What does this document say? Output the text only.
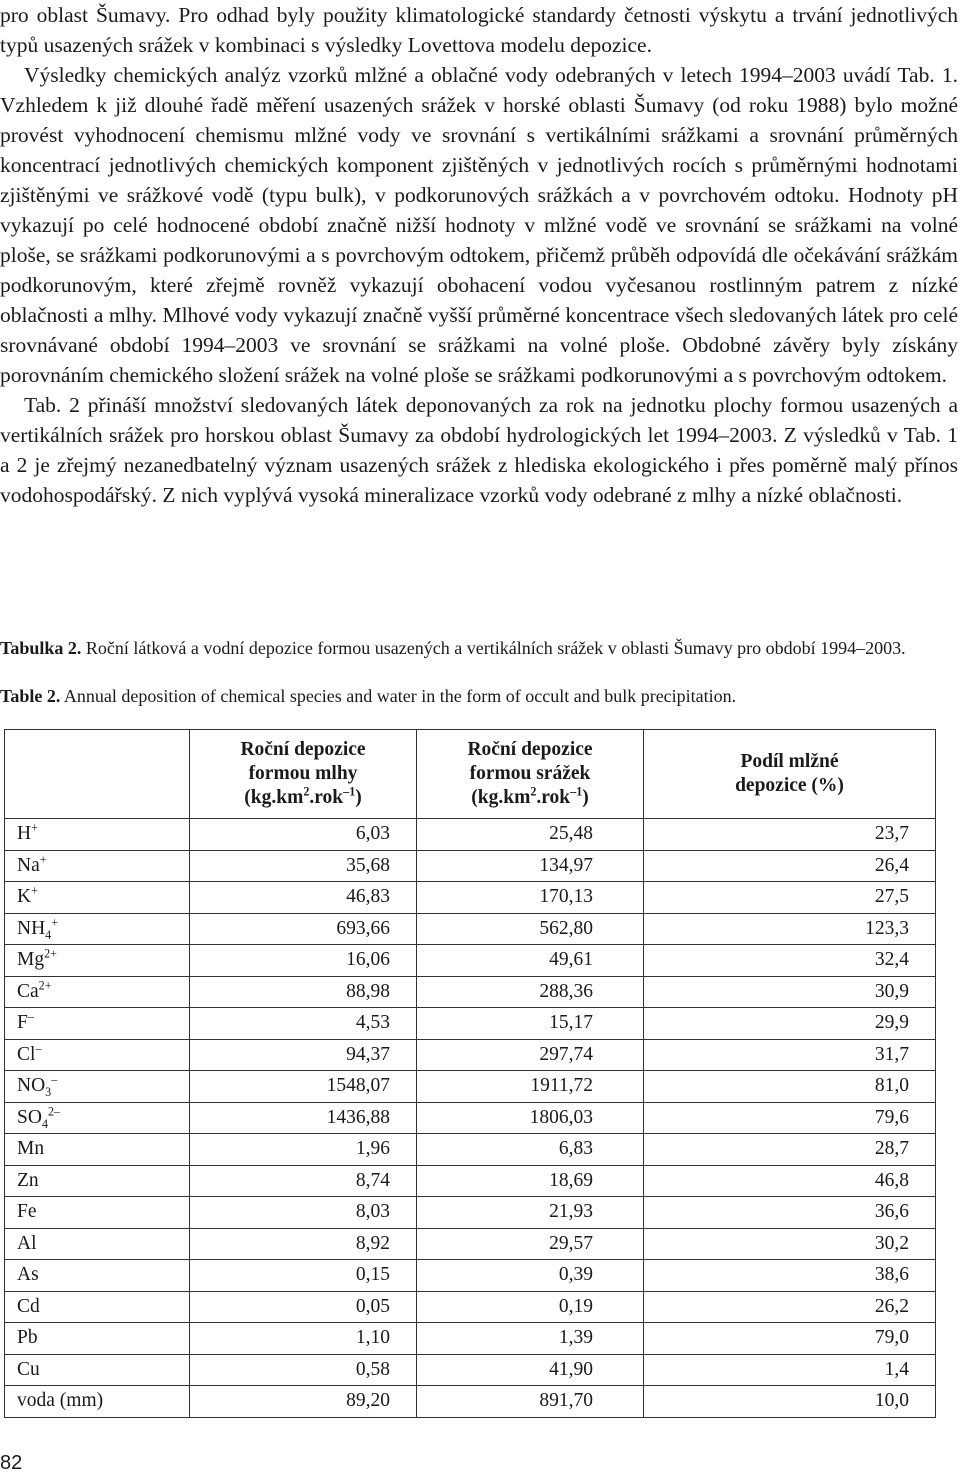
pro oblast Šumavy. Pro odhad byly použity klimatologické standardy četnosti výskytu a trvání jednotlivých typů usazených srážek v kombinaci s výsledky Lovettova modelu depozice.

Výsledky chemických analýz vzorků mlžné a oblačné vody odebraných v letech 1994–2003 uvádí Tab. 1. Vzhledem k již dlouhé řadě měření usazených srážek v horské oblasti Šumavy (od roku 1988) bylo možné provést vyhodnocení chemismu mlžné vody ve srovnání s vertikálními srážkami a srovnání průměrných koncentrací jednotlivých chemických komponent zjištěných v jednotlivých rocích s průměrnými hodnotami zjištěnými ve srážkové vodě (typu bulk), v podkorunových srážkách a v povrchovém odtoku. Hodnoty pH vykazují po celé hodnocené období značně nižší hodnoty v mlžné vodě ve srovnání se srážkami na volné ploše, se srážkami podkorunovými a s povrchovým odtokem, přičemž průběh odpovídá dle očekávání srážkám podkorunovým, které zřejmě rovněž vykazují obohacení vodou vyčesanou rostlinným patrem z nízké oblačnosti a mlhy. Mlhové vody vykazují značně vyšší průměrné koncentrace všech sledovaných látek pro celé srovnávané období 1994–2003 ve srovnání se srážkami na volné ploše. Obdobné závěry byly získány porovnáním chemického složení srážek na volné ploše se srážkami podkorunovými a s povrchovým odtokem.

Tab. 2 přináší množství sledovaných látek deponovaných za rok na jednotku plochy formou usazených a vertikálních srážek pro horskou oblast Šumavy za období hydrologických let 1994–2003. Z výsledků v Tab. 1 a 2 je zřejmý nezanedbatelný význam usazených srážek z hlediska ekologického i přes poměrně malý přínos vodohospodářský. Z nich vyplývá vysoká mineralizace vzorků vody odebrané z mlhy a nízké oblačnosti.

Tabulka 2. Roční látková a vodní depozice formou usazených a vertikálních srážek v oblasti Šumavy pro období 1994–2003.
Table 2. Annual deposition of chemical species and water in the form of occult and bulk precipitation.
	Roční depozice
formou mlhy
$(kg.km^2.rok^{-1})$	Roční depozice
formou srážek
$(kg.km^2.rok^{-1})$	Podíl mlžné
depozice (%)
H+	6,03	25,48	23,7
Na+	35,68	134,97	26,4
K+	46,83	170,13	27,5
$NH_4^+$	693,66	562,80	123,3
$Mg^{2+}$	16,06	49,61	32,4
$Ca^{2+}$	88,98	288,36	30,9
F–	4,53	15,17	29,9
Cl–	94,37	297,74	31,7
$NO_3^-$	1548,07	1911,72	81,0
$SO_4^{2-}$	1436,88	1806,03	79,6
Mn	1,96	6,83	28,7
Zn	8,74	18,69	46,8
Fe	8,03	21,93	36,6
Al	8,92	29,57	30,2
As	0,15	0,39	38,6
Cd	0,05	0,19	26,2
Pb	1,10	1,39	79,0
Cu	0,58	41,90	1,4
voda (mm)	89,20	891,70	10,0
82
